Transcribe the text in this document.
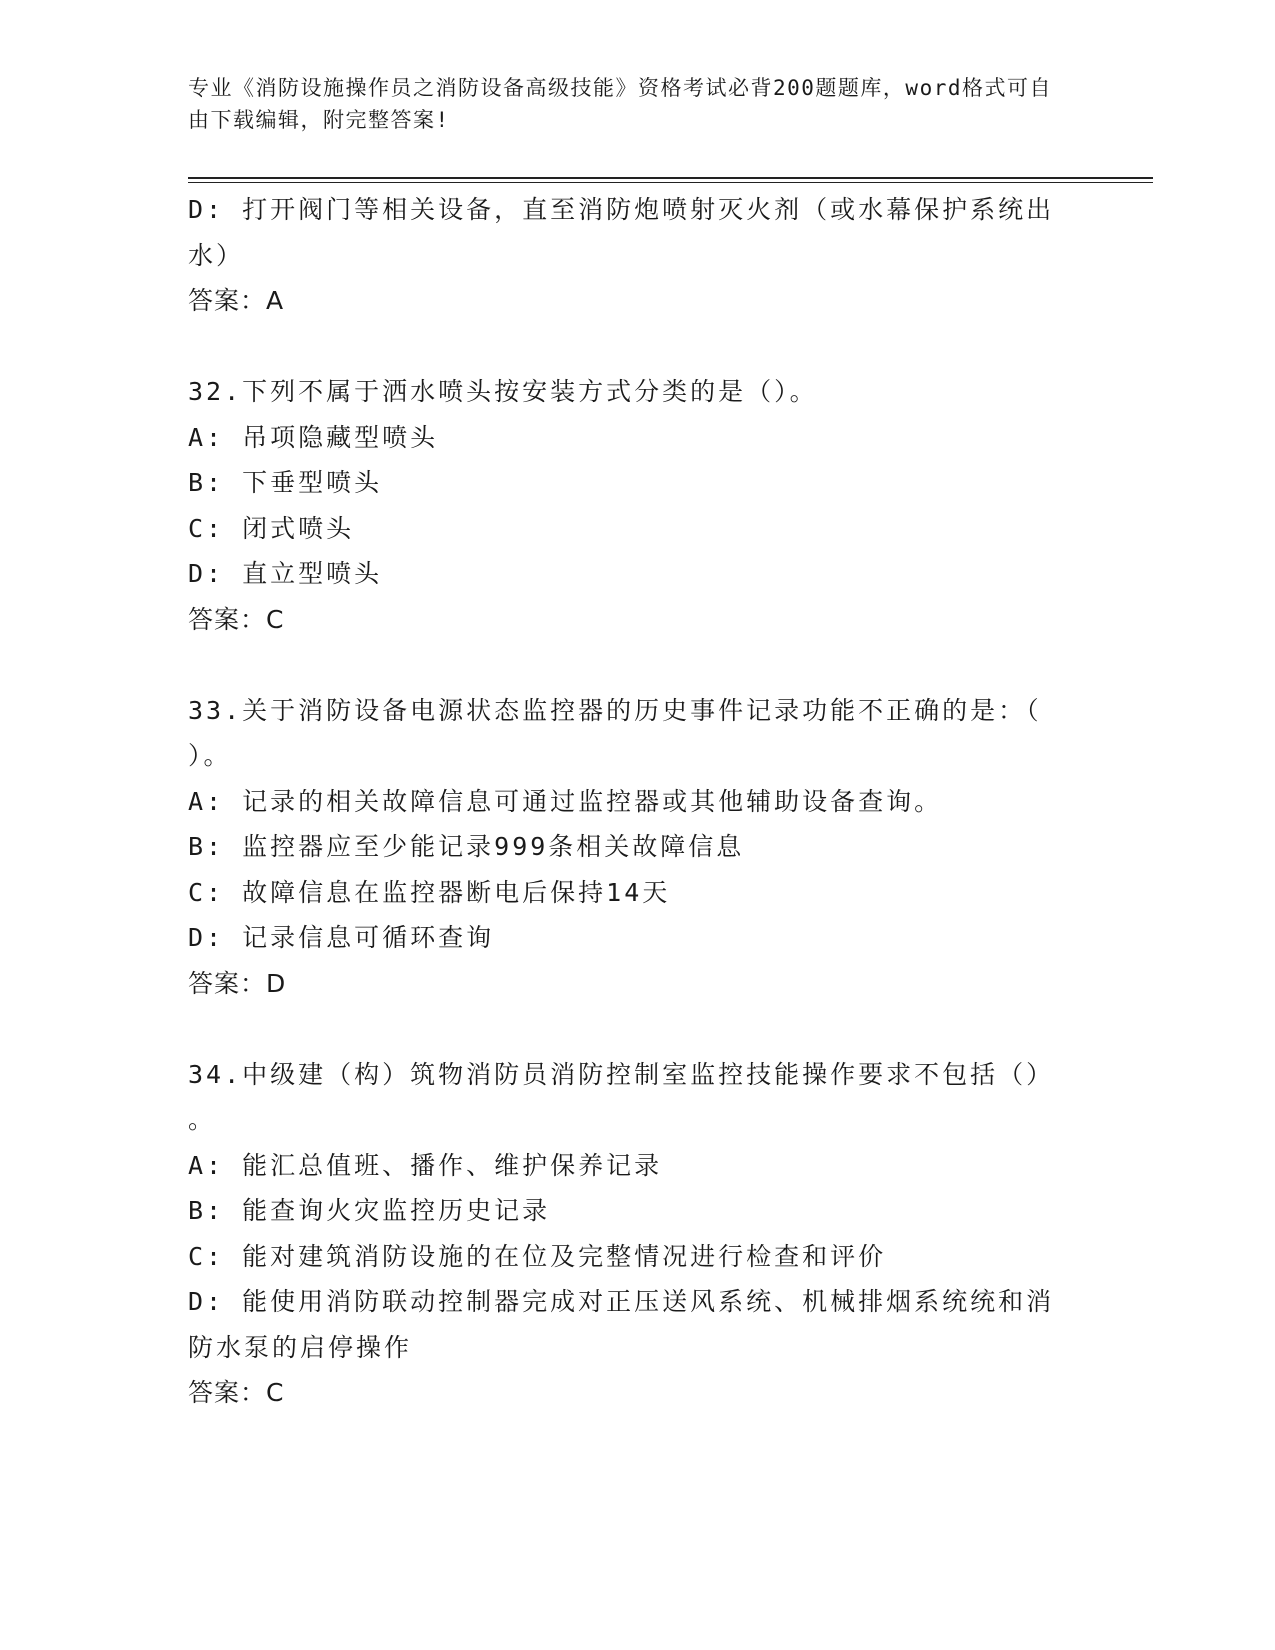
专业《消防设施操作员之消防设备高级技能》资格考试必背200题题库，word格式可自由下载编辑，附完整答案!
D: 打开阀门等相关设备，直至消防炮喷射灭火剂（或水幕保护系统出
水）
答案：A
32.下列不属于洒水喷头按安装方式分类的是（）。
A: 吊项隐藏型喷头
B: 下垂型喷头
C: 闭式喷头
D: 直立型喷头
答案：C
33.关于消防设备电源状态监控器的历史事件记录功能不正确的是：（
）。
A: 记录的相关故障信息可通过监控器或其他辅助设备查询。
B: 监控器应至少能记录999条相关故障信息
C: 故障信息在监控器断电后保持14天
D: 记录信息可循环查询
答案：D
34.中级建（构）筑物消防员消防控制室监控技能操作要求不包括（）
。
A: 能汇总值班、播作、维护保养记录
B: 能查询火灾监控历史记录
C: 能对建筑消防设施的在位及完整情况进行检查和评价
D: 能使用消防联动控制器完成对正压送风系统、机械排烟系统统和消
防水泵的启停操作
答案：C
